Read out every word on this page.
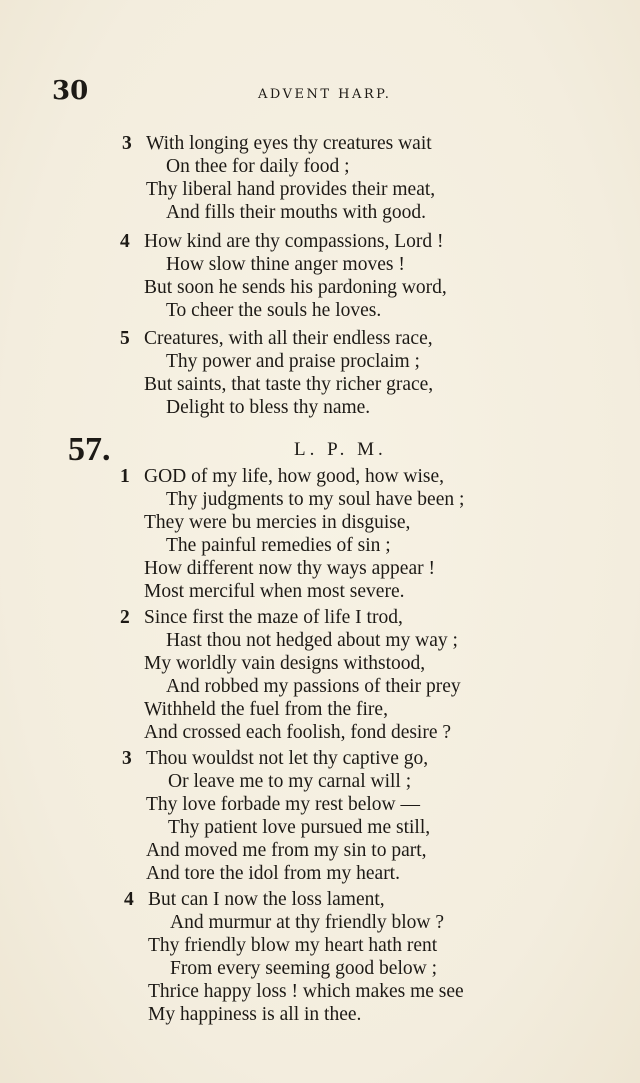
30	ADVENT HARP.
3 With longing eyes thy creatures wait
On thee for daily food ;
Thy liberal hand provides their meat,
And fills their mouths with good.
4 How kind are thy compassions, Lord !
How slow thine anger moves !
But soon he sends his pardoning word,
To cheer the souls he loves.
5 Creatures, with all their endless race,
Thy power and praise proclaim ;
But saints, that taste thy richer grace,
Delight to bless thy name.
57.	L. P. M.
1 GOD of my life, how good, how wise,
Thy judgments to my soul have been ;
They were bu mercies in disguise,
The painful remedies of sin ;
How different now thy ways appear !
Most merciful when most severe.
2 Since first the maze of life I trod,
Hast thou not hedged about my way ;
My worldly vain designs withstood,
And robbed my passions of their prey
Withheld the fuel from the fire,
And crossed each foolish, fond desire ?
3 Thou wouldst not let thy captive go,
Or leave me to my carnal will ;
Thy love forbade my rest below —
Thy patient love pursued me still,
And moved me from my sin to part,
And tore the idol from my heart.
4 But can I now the loss lament,
And murmur at thy friendly blow ?
Thy friendly blow my heart hath rent
From every seeming good below ;
Thrice happy loss ! which makes me see
My happiness is all in thee.
